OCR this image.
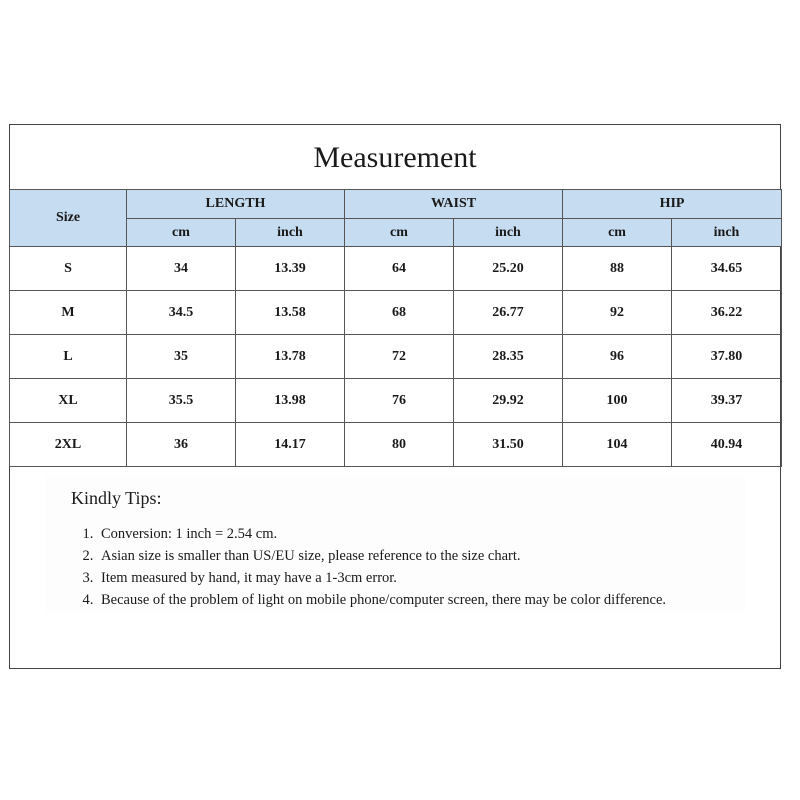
Measurement
Size	LENGTH		WAIST		HIP	
	cm	inch	cm	inch	cm	inch
S	34	13.39	64	25.20	88	34.65
M	34.5	13.58	68	26.77	92	36.22
L	35	13.78	72	28.35	96	37.80
XL	35.5	13.98	76	29.92	100	39.37
2XL	36	14.17	80	31.50	104	40.94
Kindly Tips:
1. Conversion: 1 inch = 2.54 cm.
2. Asian size is smaller than US/EU size, please reference to the size chart.
3. Item measured by hand, it may have a 1-3cm error.
4. Because of the problem of light on mobile phone/computer screen, there may be color difference.
